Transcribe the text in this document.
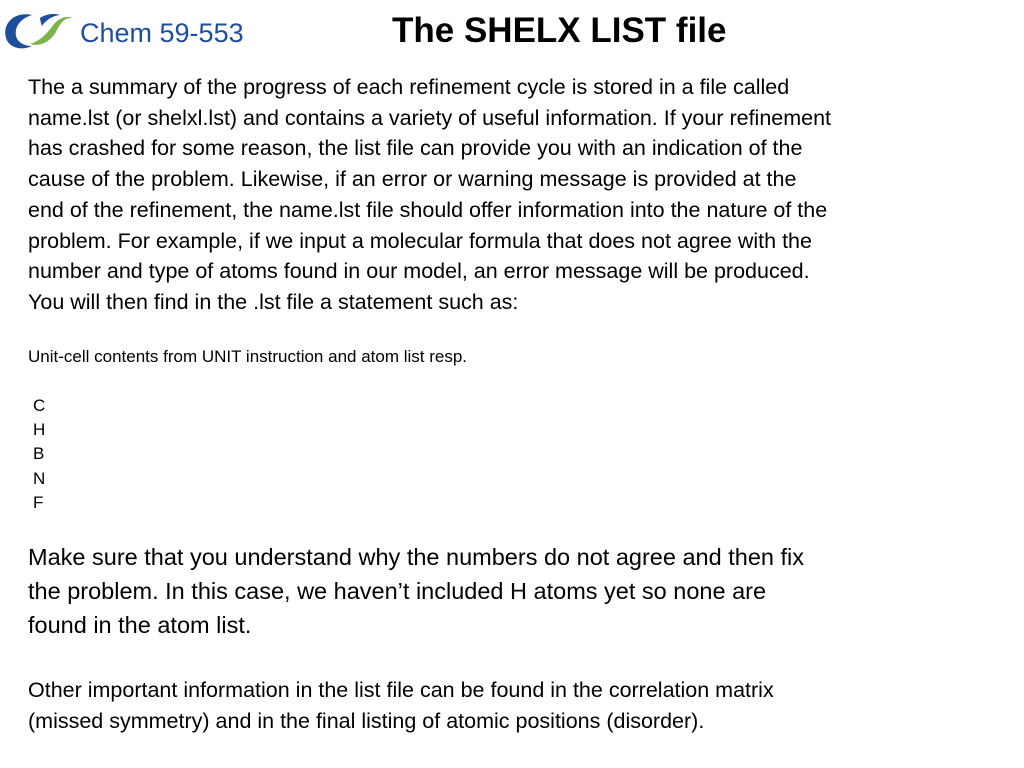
Chem 59-553	The SHELX LIST file

The a summary of the progress of each refinement cycle is stored in a file called
name.lst (or shelxl.lst) and contains a variety of useful information. If your refinement
has crashed for some reason, the list file can provide you with an indication of the
cause of the problem. Likewise, if an error or warning message is provided at the
end of the refinement, the name.lst file should offer information into the nature of the
problem. For example, if we input a molecular formula that does not agree with the
number and type of atoms found in our model, an error message will be produced.
You will then find in the .lst file a statement such as:

Unit-cell contents from UNIT instruction and atom list resp.
C
H
B
N
F

Make sure that you understand why the numbers do not agree and then fix
the problem. In this case, we haven’t included H atoms yet so none are
found in the atom list.

Other important information in the list file can be found in the correlation matrix
(missed symmetry) and in the final listing of atomic positions (disorder).
